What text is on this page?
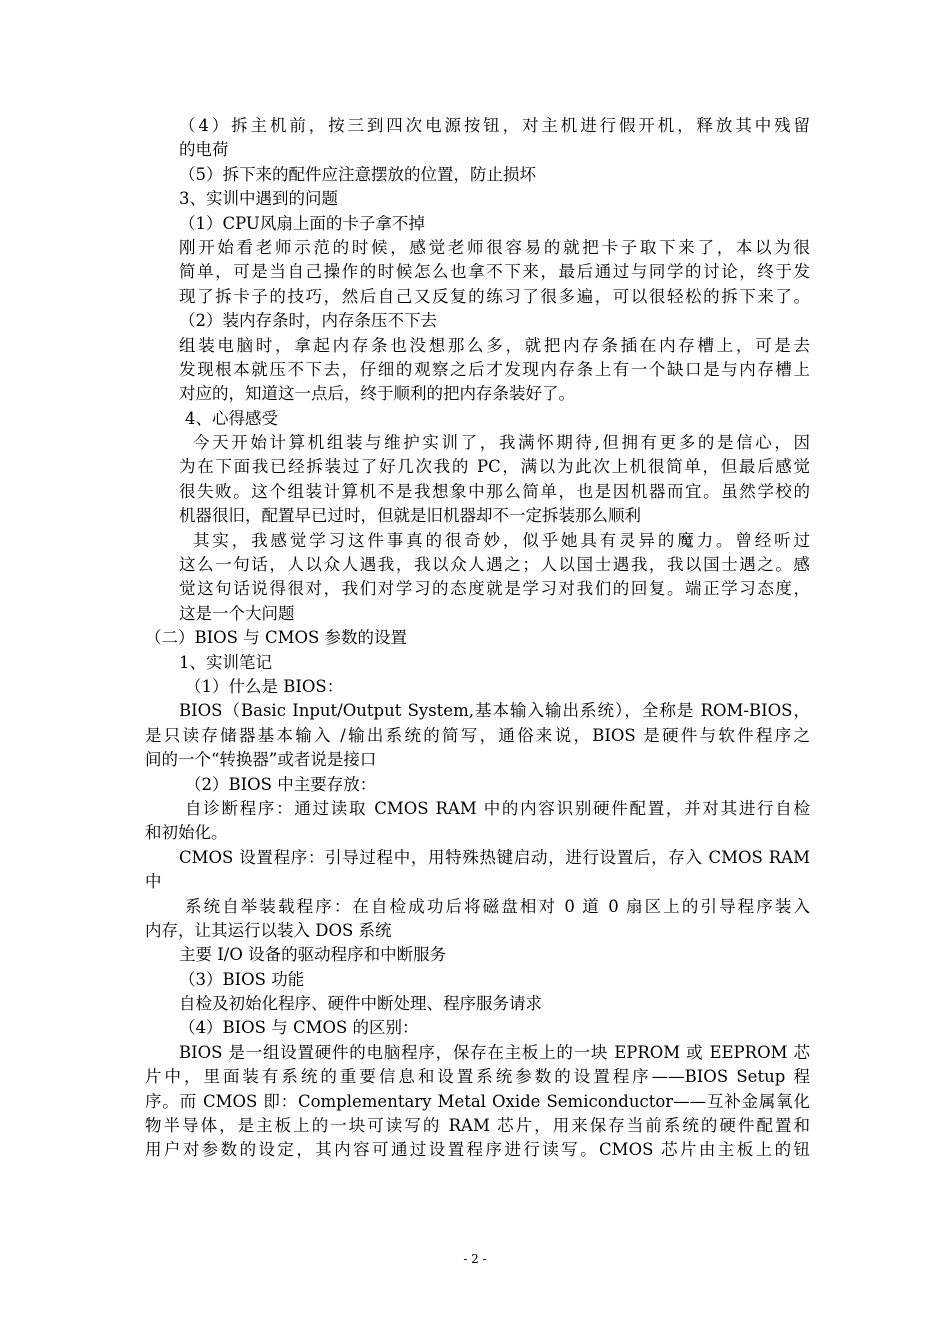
（4）拆主机前，按三到四次电源按钮，对主机进行假开机，释放其中残留
的电荷
（5）拆下来的配件应注意摆放的位置，防止损坏
3、实训中遇到的问题
（1）CPU风扇上面的卡子拿不掉
刚开始看老师示范的时候，感觉老师很容易的就把卡子取下来了，本以为很
简单，可是当自己操作的时候怎么也拿不下来，最后通过与同学的讨论，终于发
现了拆卡子的技巧，然后自己又反复的练习了很多遍，可以很轻松的拆下来了。
（2）装内存条时，内存条压不下去
组装电脑时，拿起内存条也没想那么多，就把内存条插在内存槽上，可是去
发现根本就压不下去，仔细的观察之后才发现内存条上有一个缺口是与内存槽上
对应的，知道这一点后，终于顺利的把内存条装好了。
4、心得感受
今天开始计算机组装与维护实训了，我满怀期待,但拥有更多的是信心，因
为在下面我已经拆装过了好几次我的 PC，满以为此次上机很简单，但最后感觉
很失败。这个组装计算机不是我想象中那么简单，也是因机器而宜。虽然学校的
机器很旧，配置早已过时，但就是旧机器却不一定拆装那么顺利
其实，我感觉学习这件事真的很奇妙，似乎她具有灵异的魔力。曾经听过
这么一句话，人以众人遇我，我以众人遇之；人以国士遇我，我以国士遇之。感
觉这句话说得很对，我们对学习的态度就是学习对我们的回复。端正学习态度，
这是一个大问题
（二）BIOS 与 CMOS 参数的设置
1、实训笔记
（1）什么是 BIOS：
BIOS（Basic Input/Output System,基本输入输出系统），全称是 ROM-BIOS，
是只读存储器基本输入 /输出系统的简写，通俗来说，BIOS 是硬件与软件程序之
间的一个“转换器”或者说是接口
（2）BIOS 中主要存放：
自诊断程序：通过读取 CMOS RAM 中的内容识别硬件配置，并对其进行自检
和初始化。
CMOS 设置程序：引导过程中，用特殊热键启动，进行设置后，存入 CMOS RAM
中
系统自举装载程序：在自检成功后将磁盘相对 0 道 0 扇区上的引导程序装入
内存，让其运行以装入 DOS 系统
主要 I/O 设备的驱动程序和中断服务
（3）BIOS 功能
自检及初始化程序、硬件中断处理、程序服务请求
（4）BIOS 与 CMOS 的区别：
BIOS 是一组设置硬件的电脑程序，保存在主板上的一块 EPROM 或 EEPROM 芯
片中，里面装有系统的重要信息和设置系统参数的设置程序——BIOS Setup 程
序。而 CMOS 即：Complementary Metal Oxide Semiconductor——互补金属氧化
物半导体，是主板上的一块可读写的 RAM 芯片，用来保存当前系统的硬件配置和
用户对参数的设定，其内容可通过设置程序进行读写。CMOS 芯片由主板上的钮
- 2 -
